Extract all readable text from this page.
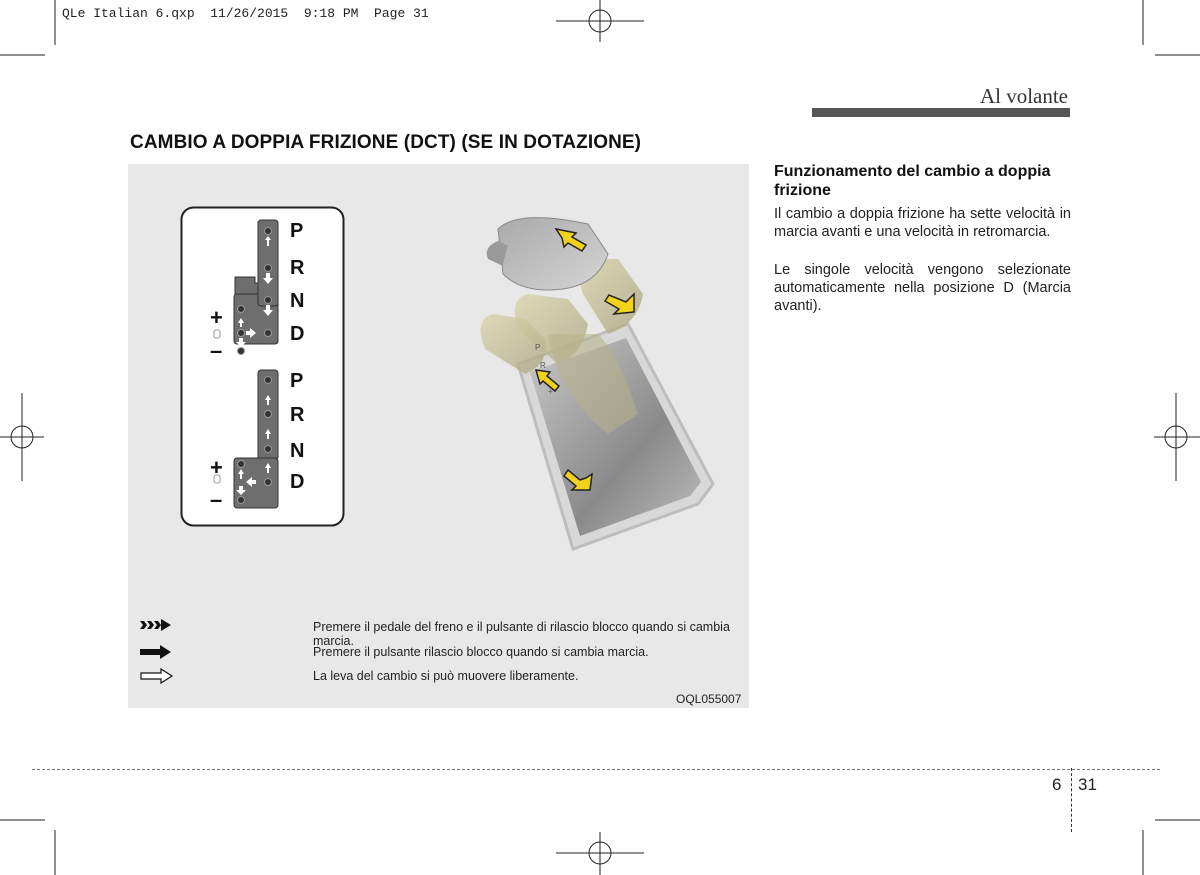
QLe Italian 6.qxp  11/26/2015  9:18 PM  Page 31
Al volante
CAMBIO A DOPPIA FRIZIONE (DCT) (SE IN DOTAZIONE)
P
R
N
D
+
–
P
R
N
D
+
–
P
R
+
Premere il pedale del freno e il pulsante di rilascio blocco quando si cambia marcia.
Premere il pulsante rilascio blocco quando si cambia marcia.
La leva del cambio si può muovere liberamente.
OQL055007
Funzionamento del cambio a doppia frizione
Il cambio a doppia frizione ha sette velocità in marcia avanti e una velocità in retromarcia.
Le singole velocità vengono selezionate automaticamente nella posizione D (Marcia avanti).
6 31
